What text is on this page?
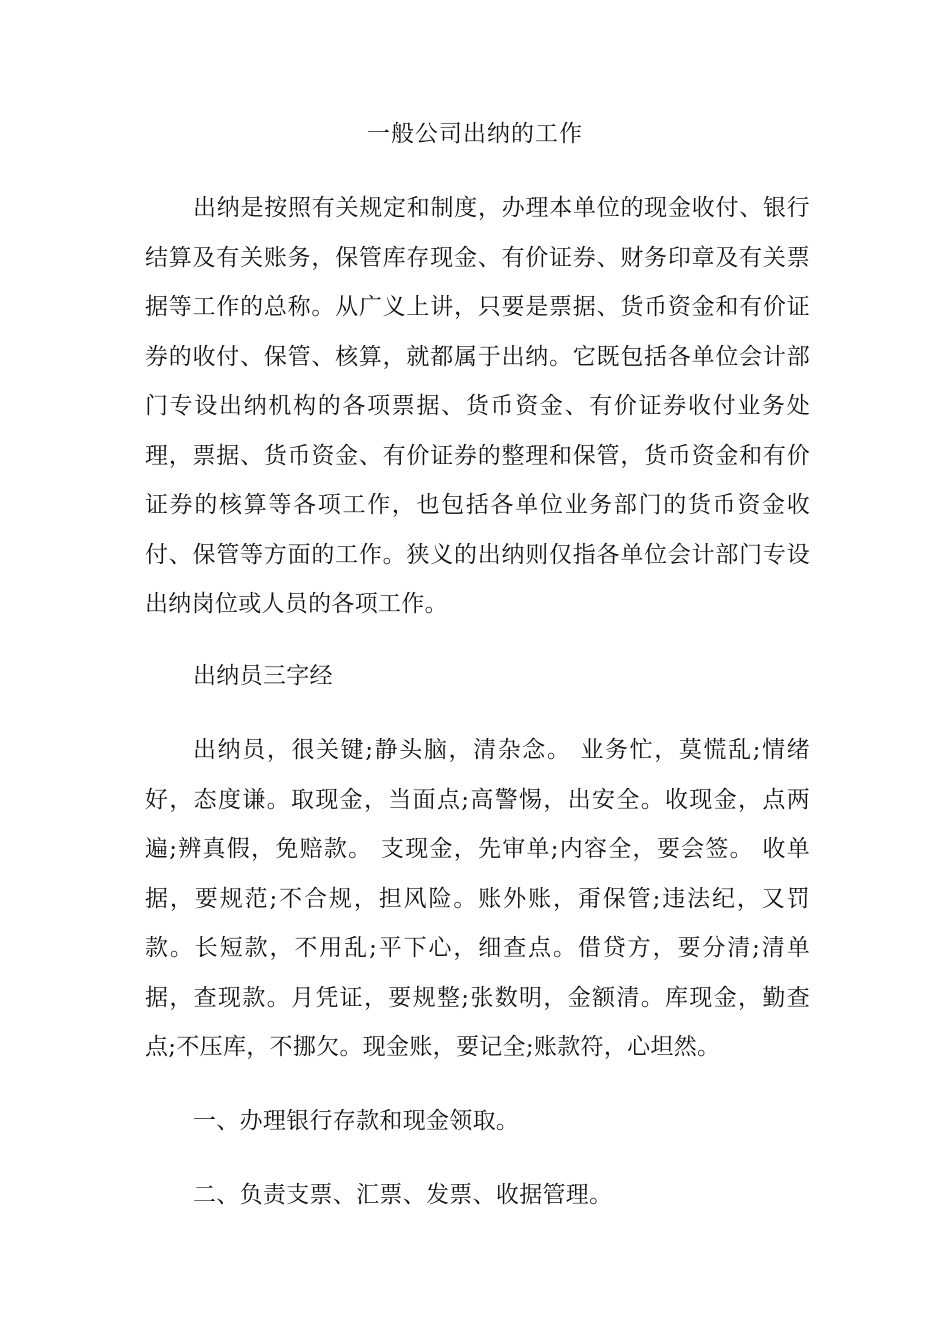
一般公司出纳的工作

出纳是按照有关规定和制度，办理本单位的现金收付、银行结算及有关账务，保管库存现金、有价证券、财务印章及有关票据等工作的总称。从广义上讲，只要是票据、货币资金和有价证券的收付、保管、核算，就都属于出纳。它既包括各单位会计部门专设出纳机构的各项票据、货币资金、有价证券收付业务处理，票据、货币资金、有价证券的整理和保管，货币资金和有价证券的核算等各项工作，也包括各单位业务部门的货币资金收付、保管等方面的工作。狭义的出纳则仅指各单位会计部门专设出纳岗位或人员的各项工作。

出纳员三字经

出纳员，很关键;静头脑，清杂念。 业务忙，莫慌乱;情绪好，态度谦。取现金，当面点;高警惕，出安全。收现金，点两遍;辨真假，免赔款。 支现金，先审单;内容全，要会签。 收单据，要规范;不合规，担风险。账外账，甭保管;违法纪，又罚款。长短款，不用乱;平下心，细查点。借贷方，要分清;清单据，查现款。月凭证，要规整;张数明，金额清。库现金，勤查点;不压库，不挪欠。现金账，要记全;账款符，心坦然。

一、办理银行存款和现金领取。

二、负责支票、汇票、发票、收据管理。
